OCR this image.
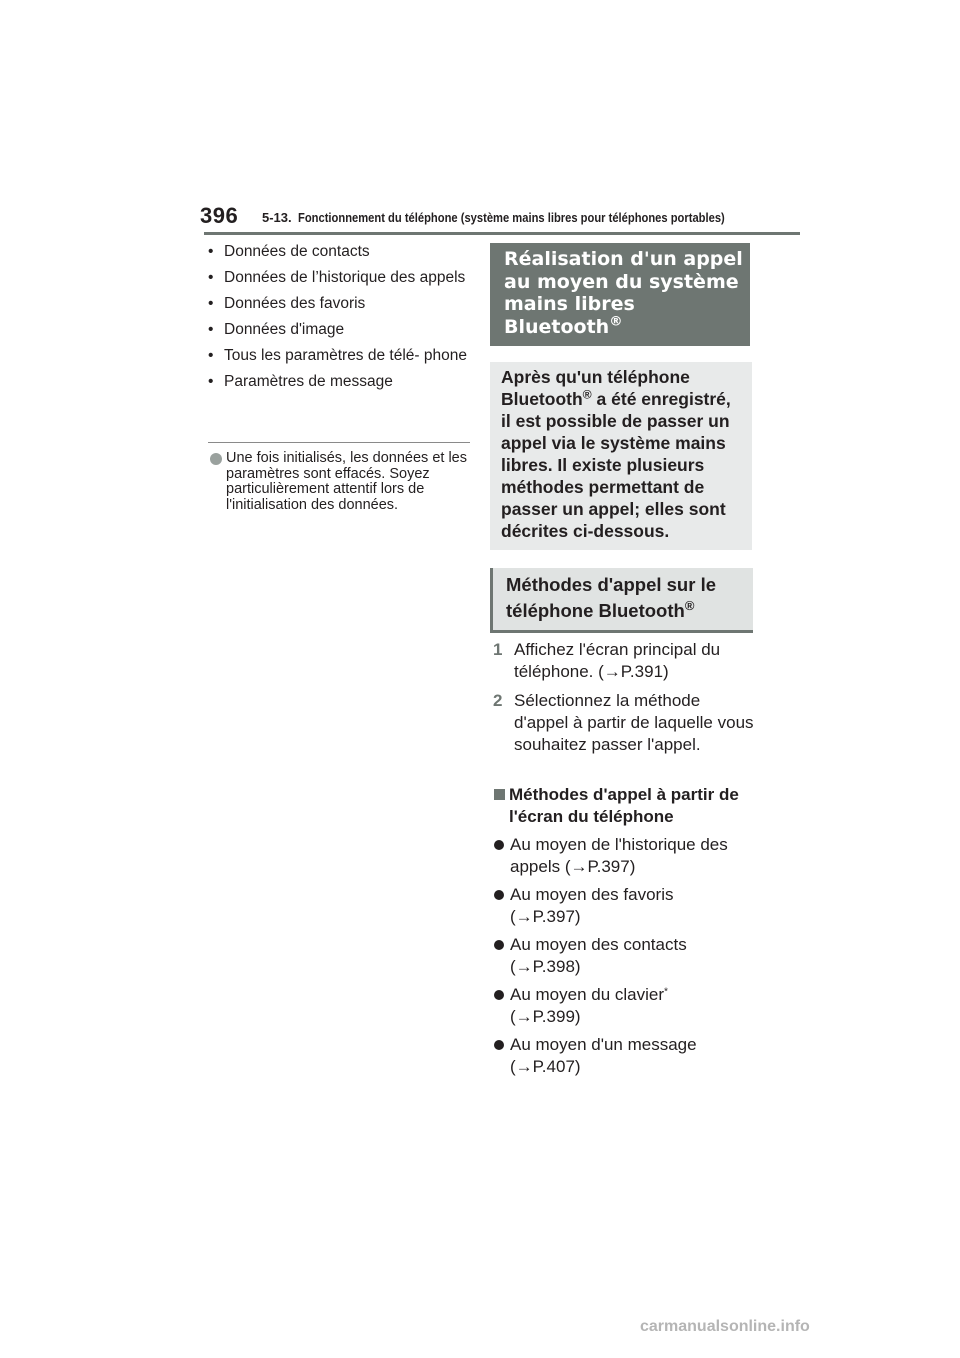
396 5-13. Fonctionnement du téléphone (système mains libres pour téléphones portables)
• Données de contacts
• Données de l’historique des appels
• Données des favoris
• Données d'image
• Tous les paramètres de télé- phone
• Paramètres de message
Une fois initialisés, les données et les paramètres sont effacés. Soyez particulièrement attentif lors de l'initialisation des données.
Réalisation d'un appel au moyen du système mains libres Bluetooth®
Après qu'un téléphone Bluetooth® a été enregistré, il est possible de passer un appel via le système mains libres. Il existe plusieurs méthodes permettant de passer un appel; elles sont décrites ci-dessous.
Méthodes d'appel sur le téléphone Bluetooth®
1 Affichez l'écran principal du téléphone. (→P.391)
2 Sélectionnez la méthode d'appel à partir de laquelle vous souhaitez passer l'appel.
Méthodes d'appel à partir de l'écran du téléphone
Au moyen de l'historique des appels (→P.397)
Au moyen des favoris
(→P.397)
Au moyen des contacts
(→P.398)
Au moyen du clavier*
(→P.399)
Au moyen d'un message
(→P.407)
carmanualsonline.info
